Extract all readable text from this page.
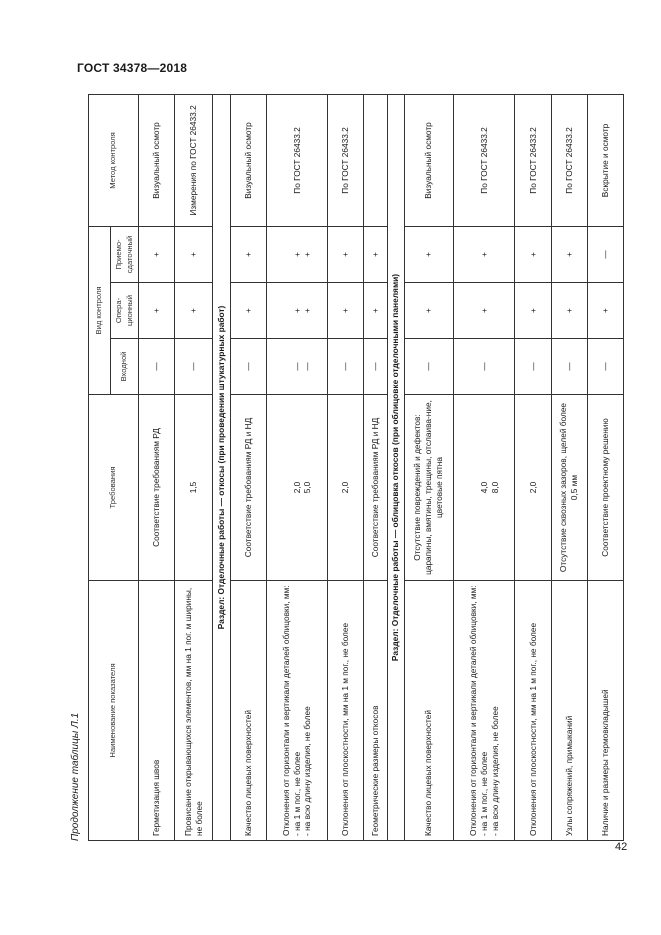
ГОСТ 34378—2018
Продолжение таблицы Л.1
42
Наименование показателя	Требования	Вид контроля			Метод контроля
		Входной	Опера-ционный	Приемо-сдаточный	
Герметизация швов	Соответствие требованиям РД	—	+	+	Визуальный осмотр
Провисание открывающихся элементов, мм на 1 пог. м ширины, не более	1,5	—	+	+	Измерения по ГОСТ 26433.2
Раздел: Отделочные работы — откосы (при проведении штукатурных работ)					
Качество лицевых поверхностей	Соответствие требованиям РД и НД	—	+	+	Визуальный осмотр

Отклонения от горизонтали и вертикали деталей облицовки, мм: - на 1 м пог., не более - на всю длину изделия, не более	2,0 5,0	— —	+ +	+ +	По ГОСТ 26433.2
Отклонения от плоскостности, мм на 1 м пог., не более	2,0	—	+	+	По ГОСТ 26433.2
Геометрические размеры откосов	Соответствие требованиям РД и НД	—	+	+	
Раздел: Отделочные работы — облицовка откосов (при облицовке отделочными панелями)					
Качество лицевых поверхностей	Отсутствие повреждений и дефектов: царапины, вмятины, трещины, отслаива-ние, цветовые пятна	—	+	+	Визуальный осмотр

Отклонения от горизонтали и вертикали деталей облицовки, мм: - на 1 м пог., не более - на всю длину изделия, не более	4,0 8,0	—	+	+	По ГОСТ 26433.2
Отклонения от плоскостности, мм на 1 м пог., не более	2,0	—	+	+	По ГОСТ 26433.2
Узлы сопряжений, примыканий	Отсутствие сквозных зазоров, щелей более 0,5 мм	—	+	+	По ГОСТ 26433.2
Наличие и размеры термовкладышей	Соответствие проектному решению	—	+	—	Вскрытие и осмотр
